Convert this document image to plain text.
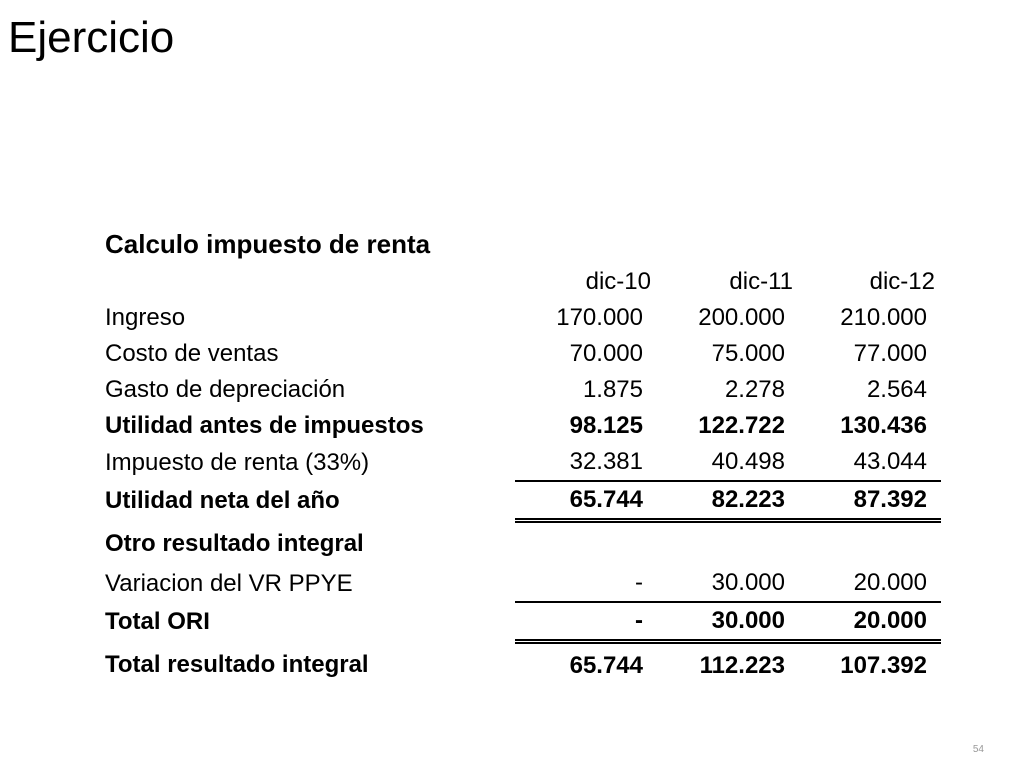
Ejercicio
Calculo impuesto de renta
	dic-10	dic-11	dic-12
Ingreso	170.000	200.000	210.000
Costo de ventas	70.000	75.000	77.000
Gasto de depreciación	1.875	2.278	2.564
Utilidad antes de impuestos	98.125	122.722	130.436
Impuesto de renta (33%)	32.381	40.498	43.044
Utilidad neta del año	65.744	82.223	87.392
Otro resultado integral			
Variacion del VR PPYE	-	30.000	20.000
Total ORI	-	30.000	20.000
Total resultado integral	65.744	112.223	107.392
54
